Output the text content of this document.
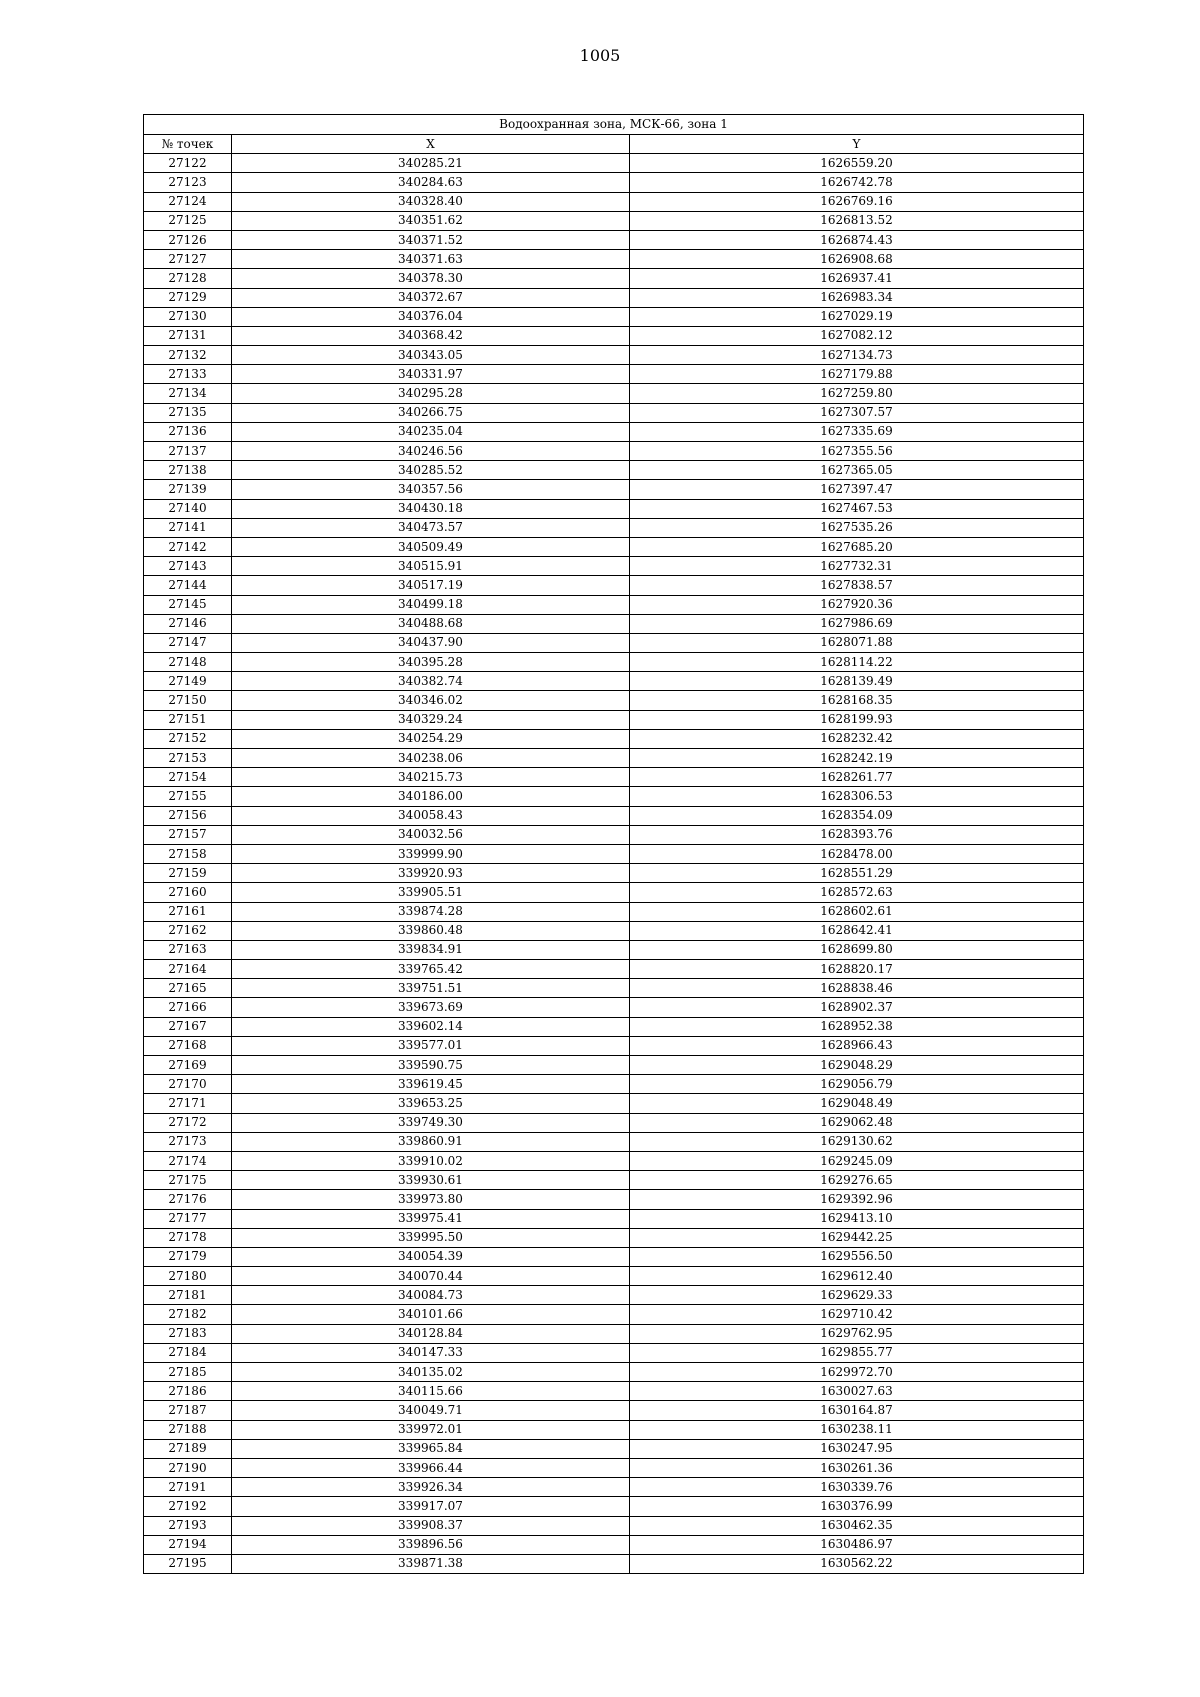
1005
Водоохранная зона, МСК-66, зона 1		
№ точек	X	Y
27122	340285.21	1626559.20
27123	340284.63	1626742.78
27124	340328.40	1626769.16
27125	340351.62	1626813.52
27126	340371.52	1626874.43
27127	340371.63	1626908.68
27128	340378.30	1626937.41
27129	340372.67	1626983.34
27130	340376.04	1627029.19
27131	340368.42	1627082.12
27132	340343.05	1627134.73
27133	340331.97	1627179.88
27134	340295.28	1627259.80
27135	340266.75	1627307.57
27136	340235.04	1627335.69
27137	340246.56	1627355.56
27138	340285.52	1627365.05
27139	340357.56	1627397.47
27140	340430.18	1627467.53
27141	340473.57	1627535.26
27142	340509.49	1627685.20
27143	340515.91	1627732.31
27144	340517.19	1627838.57
27145	340499.18	1627920.36
27146	340488.68	1627986.69
27147	340437.90	1628071.88
27148	340395.28	1628114.22
27149	340382.74	1628139.49
27150	340346.02	1628168.35
27151	340329.24	1628199.93
27152	340254.29	1628232.42
27153	340238.06	1628242.19
27154	340215.73	1628261.77
27155	340186.00	1628306.53
27156	340058.43	1628354.09
27157	340032.56	1628393.76
27158	339999.90	1628478.00
27159	339920.93	1628551.29
27160	339905.51	1628572.63
27161	339874.28	1628602.61
27162	339860.48	1628642.41
27163	339834.91	1628699.80
27164	339765.42	1628820.17
27165	339751.51	1628838.46
27166	339673.69	1628902.37
27167	339602.14	1628952.38
27168	339577.01	1628966.43
27169	339590.75	1629048.29
27170	339619.45	1629056.79
27171	339653.25	1629048.49
27172	339749.30	1629062.48
27173	339860.91	1629130.62
27174	339910.02	1629245.09
27175	339930.61	1629276.65
27176	339973.80	1629392.96
27177	339975.41	1629413.10
27178	339995.50	1629442.25
27179	340054.39	1629556.50
27180	340070.44	1629612.40
27181	340084.73	1629629.33
27182	340101.66	1629710.42
27183	340128.84	1629762.95
27184	340147.33	1629855.77
27185	340135.02	1629972.70
27186	340115.66	1630027.63
27187	340049.71	1630164.87
27188	339972.01	1630238.11
27189	339965.84	1630247.95
27190	339966.44	1630261.36
27191	339926.34	1630339.76
27192	339917.07	1630376.99
27193	339908.37	1630462.35
27194	339896.56	1630486.97
27195	339871.38	1630562.22
